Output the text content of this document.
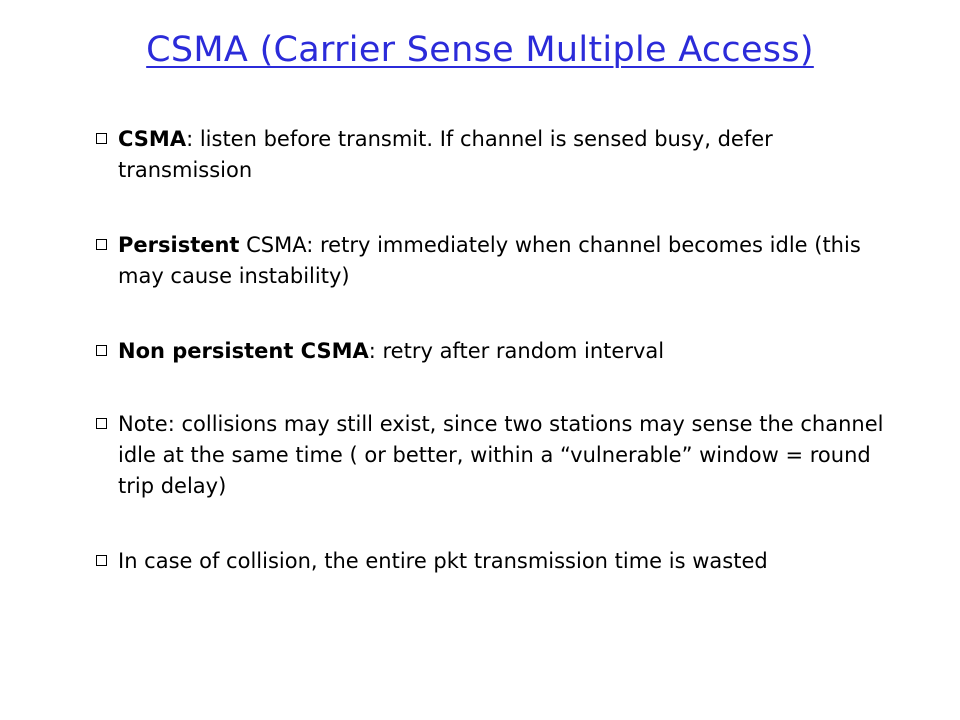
CSMA (Carrier Sense Multiple Access)
CSMA: listen before transmit. If channel is sensed busy, defer transmission
Persistent CSMA: retry immediately when channel becomes idle (this may cause instability)
Non persistent CSMA: retry after random interval
Note: collisions may still exist, since two stations may sense the channel idle at the same time ( or better, within a “vulnerable” window = round trip delay)
In case of collision, the entire pkt transmission time is wasted
